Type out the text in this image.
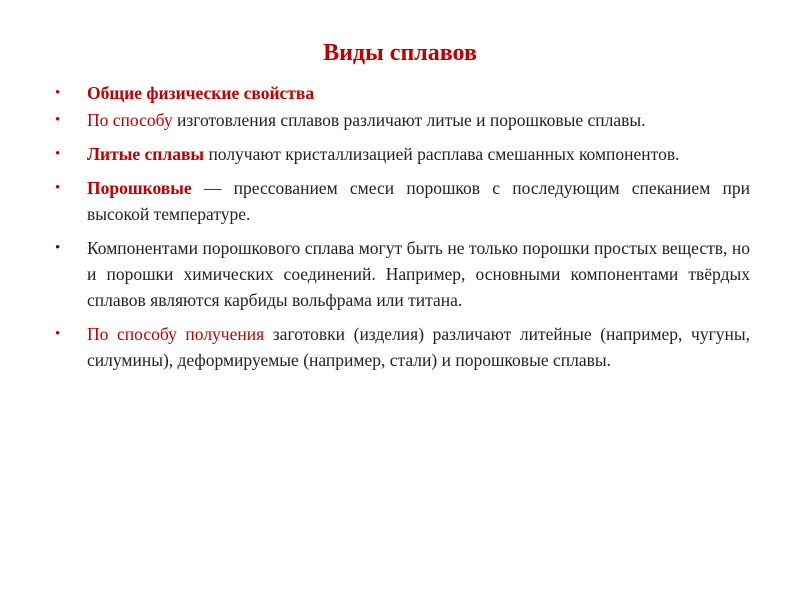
Виды сплавов
• Общие физические свойства
• По способу изготовления сплавов различают литые и порошковые сплавы.
• Литые сплавы получают кристаллизацией расплава смешанных компонентов.
• Порошковые — прессованием смеси порошков с последующим спеканием при высокой температуре.
• Компонентами порошкового сплава могут быть не только порошки простых веществ, но и порошки химических соединений. Например, основными компонентами твёрдых сплавов являются карбиды вольфрама или титана.
• По способу получения заготовки (изделия) различают литейные (например, чугуны, силумины), деформируемые (например, стали) и порошковые сплавы.
